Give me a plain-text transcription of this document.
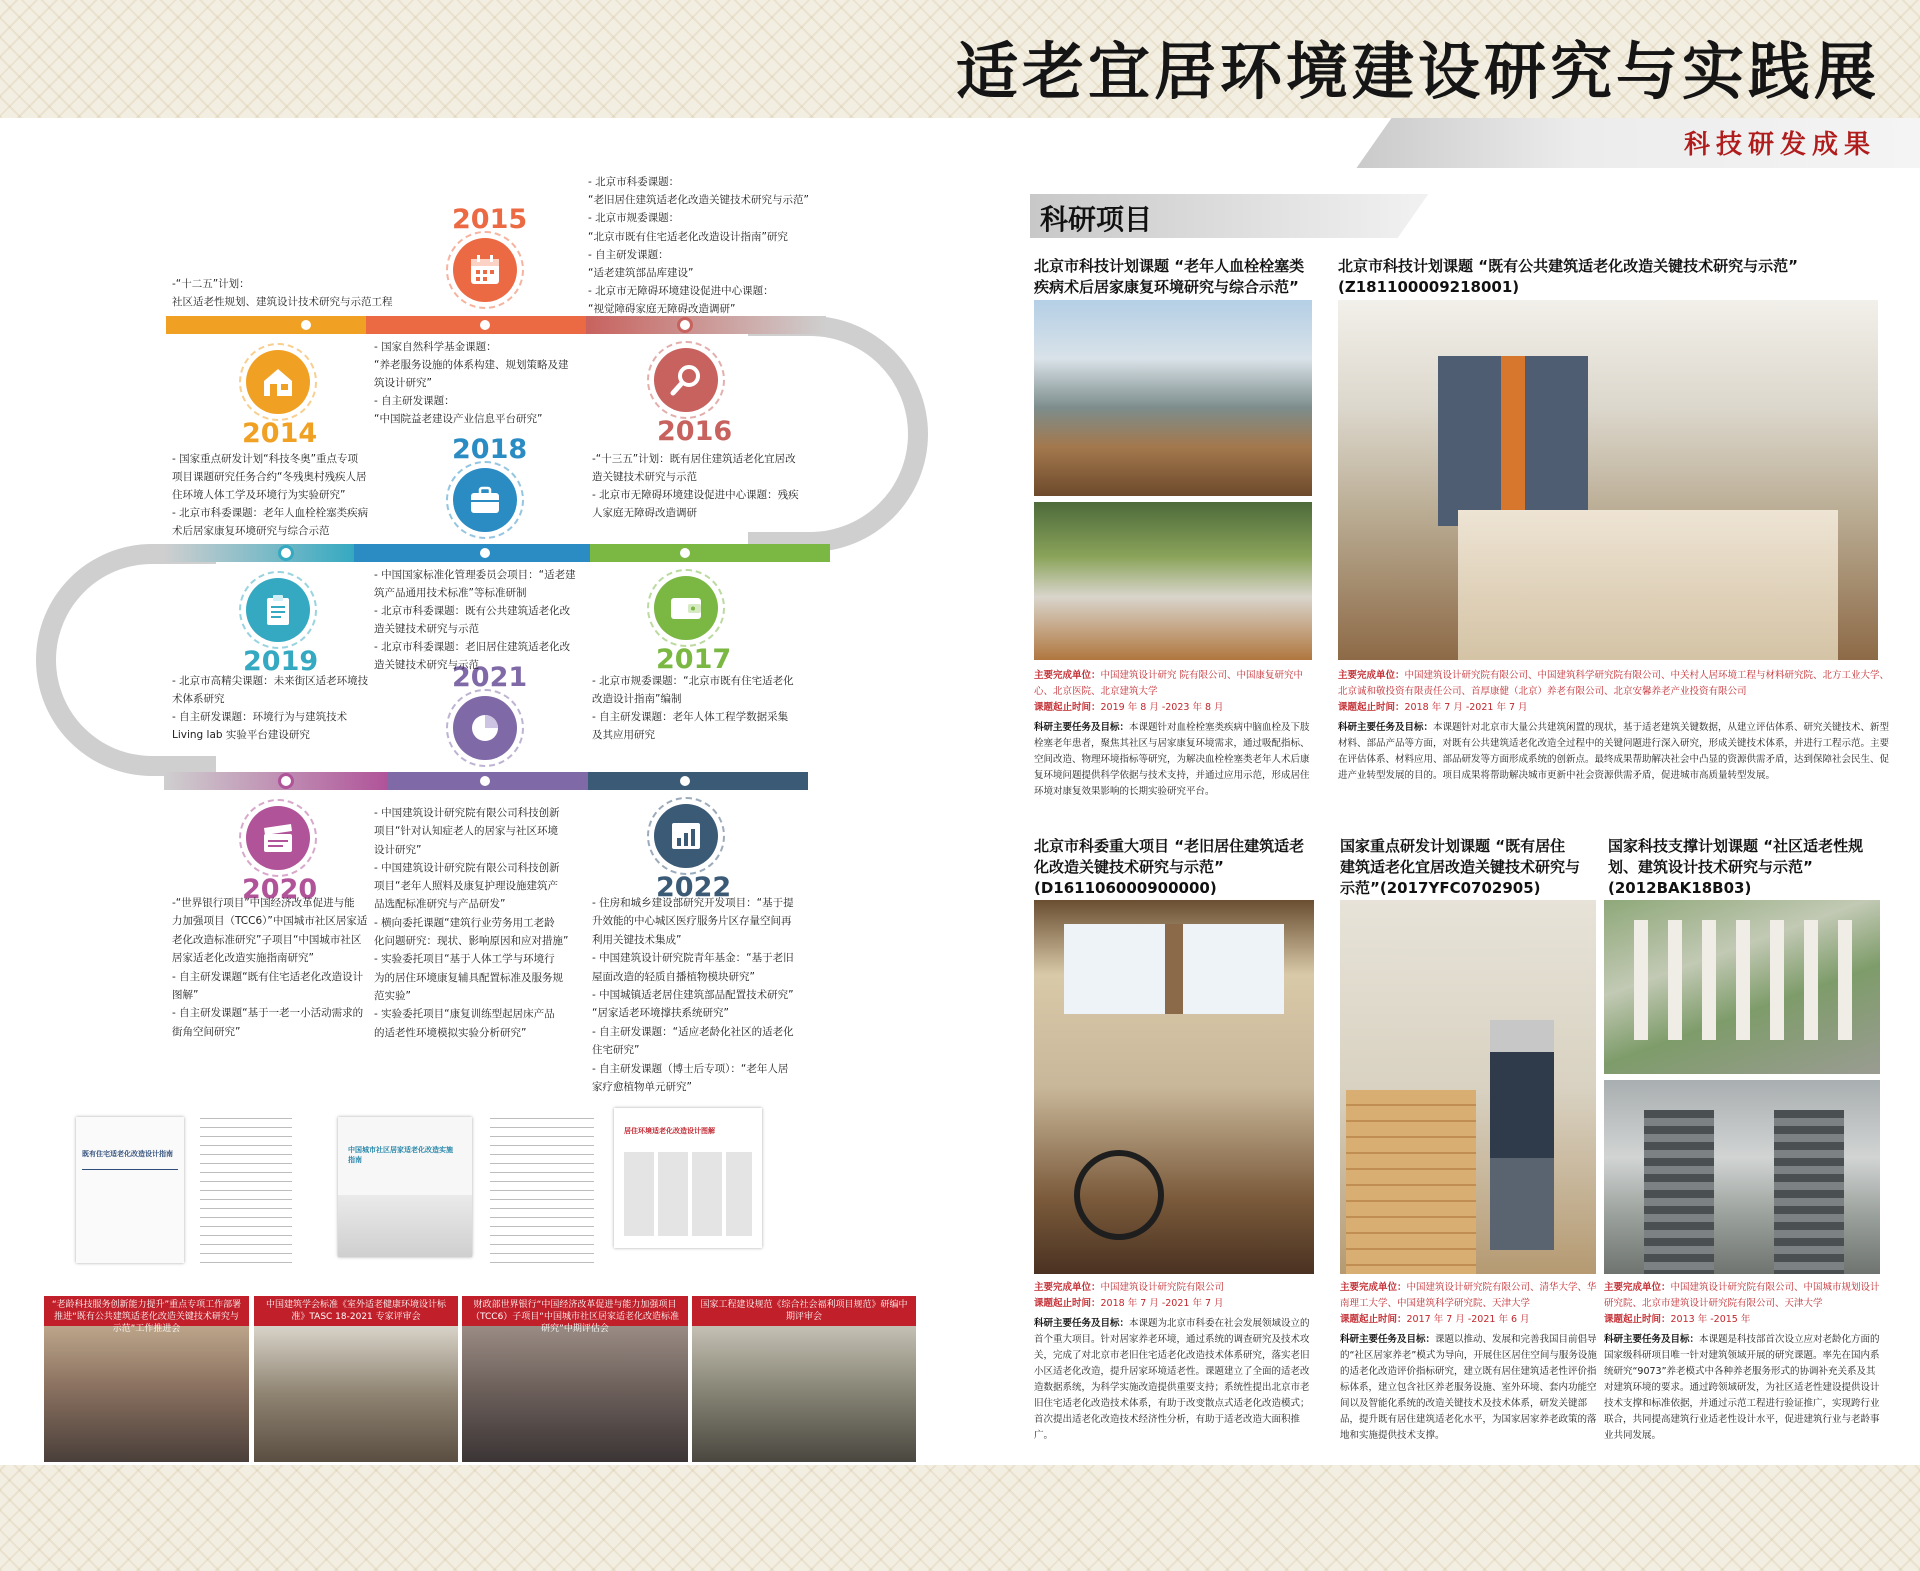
适老宜居环境建设研究与实践展
科技研发成果
2015
2014	2016
2018
2019	2017
2021
2020	2022
-“十二五”计划：
社区适老性规划、建筑设计技术研究与示范工程
- 北京市科委课题：
“老旧居住建筑适老化改造关键技术研究与示范”
- 北京市规委课题：
“北京市既有住宅适老化改造设计指南”研究
- 自主研发课题：
“适老建筑部品库建设”
- 北京市无障碍环境建设促进中心课题：
“视觉障碍家庭无障碍改造调研”
- 国家自然科学基金课题：
“养老服务设施的体系构建、规划策略及建
筑设计研究”
- 自主研发课题：
“中国院益老建设产业信息平台研究”
- 国家重点研发计划“科技冬奥”重点专项
项目课题研究任务合约“冬残奥村残疾人居
住环境人体工学及环境行为实验研究”
- 北京市科委课题：老年人血栓栓塞类疾病
术后居家康复环境研究与综合示范
-“十三五”计划：既有居住建筑适老化宜居改
造关键技术研究与示范
- 北京市无障碍环境建设促进中心课题：残疾
人家庭无障碍改造调研
- 中国国家标准化管理委员会项目：“适老建
筑产品通用技术标准”等标准研制
- 北京市科委课题：既有公共建筑适老化改
造关键技术研究与示范
- 北京市科委课题：老旧居住建筑适老化改
造关键技术研究与示范
- 北京市高精尖课题：未来街区适老环境技
术体系研究
- 自主研发课题：环境行为与建筑技术
Living lab 实验平台建设研究
- 北京市规委课题：“北京市既有住宅适老化
改造设计指南”编制
- 自主研发课题：老年人体工程学数据采集
及其应用研究
- 中国建筑设计研究院有限公司科技创新
项目“针对认知症老人的居家与社区环境
设计研究”
- 中国建筑设计研究院有限公司科技创新
项目“老年人照料及康复护理设施建筑产
品选配标准研究与产品研发”
- 横向委托课题“建筑行业劳务用工老龄
化问题研究：现状、影响原因和应对措施”
- 实验委托项目“基于人体工学与环境行
为的居住环境康复辅具配置标准及服务规
范实验”
- 实验委托项目“康复训练型起居床产品
的适老性环境模拟实验分析研究”
-“世界银行项目”中国经济改革促进与能
力加强项目（TCC6）”中国城市社区居家适
老化改造标准研究”子项目“中国城市社区
居家适老化改造实施指南研究”
- 自主研发课题“既有住宅适老化改造设计
图解”
- 自主研发课题“基于一老一小活动需求的
街角空间研究”
- 住房和城乡建设部研究开发项目：“基于提
升效能的中心城区医疗服务片区存量空间再
利用关键技术集成”
- 中国建筑设计研究院青年基金：“基于老旧
屋面改造的轻质自播植物模块研究”
- 中国城镇适老居住建筑部品配置技术研究”
“居家适老环境撑扶系统研究”
- 自主研发课题：“适应老龄化社区的适老化
住宅研究”
- 自主研发课题（博士后专项）：“老年人居
家疗愈植物单元研究”
既有住宅适老化改造设计指南	中国城市社区居家适老化改造实施指南
居住环境适老化改造设计图解
“老龄科技服务创新能力提升”重点专项工作部署推进“既有公共建筑适老化改造关键技术研究与示范”工作推进会
中国建筑学会标准《室外适老健康环境设计标准》TASC 18-2021 专家评审会
财政部世界银行“中国经济改革促进与能力加强项目（TCC6）子项目“中国城市社区居家适老化改造标准研究”中期评估会
国家工程建设规范《综合社会福利项目规范》研编中期评审会
科研项目
北京市科技计划课题 “老年人血栓栓塞类
疾病术后居家康复环境研究与综合示范”
主要完成单位：中国建筑设计研究 院有限公司、中国康复研究中心、北京医院、北京建筑大学
课题起止时间：2019 年 8 月 -2023 年 8 月
科研主要任务及目标：本课题针对血栓栓塞类疾病中脑血栓及下肢栓塞老年患者，聚焦其社区与居家康复环境需求，通过吸配指标、空间改造、物理环境指标等研究，为解决血栓栓塞类老年人术后康复环境问题提供科学依据与技术支持，并通过应用示范，形成居住环境对康复效果影响的长期实验研究平台。
北京市科技计划课题 “既有公共建筑适老化改造关键技术研究与示范”
(Z181100009218001)
主要完成单位：中国建筑设计研究院有限公司、中国建筑科学研究院有限公司、中关村人居环境工程与材料研究院、北方工业大学、北京诚和敬投资有限责任公司、首厚康健（北京）养老有限公司、北京安馨养老产业投资有限公司
课题起止时间：2018 年 7 月 -2021 年 7 月
科研主要任务及目标：本课题针对北京市大量公共建筑闲置的现状，基于适老建筑关键数据，从建立评估体系、研究关键技术、新型材料、部品产品等方面，对既有公共建筑适老化改造全过程中的关键问题进行深入研究，形成关键技术体系，并进行工程示范。主要在评估体系、材料应用、部品研发等方面形成系统的创新点。最终成果帮助解决社会中凸显的资源供需矛盾，达到保障社会民生、促进产业转型发展的目的。项目成果将帮助解决城市更新中社会资源供需矛盾，促进城市高质量转型发展。
北京市科委重大项目 “老旧居住建筑适老
化改造关键技术研究与示范”
(D161106000900000)
主要完成单位：中国建筑设计研究院有限公司
课题起止时间：2018 年 7 月 -2021 年 7 月
科研主要任务及目标：本课题为北京市科委在社会发展领域设立的首个重大项目。针对居家养老环境，通过系统的调查研究及技术攻关，完成了对北京市老旧住宅适老化改造技术体系研究，落实老旧小区适老化改造，提升居家环境适老性。课题建立了全面的适老改造数据系统，为科学实施改造提供重要支持；系统性提出北京市老旧住宅适老化改造技术体系，有助于改变散点式适老化改造模式；首次提出适老化改造技术经济性分析，有助于适老改造大面积推广。
国家重点研发计划课题 “既有居住
建筑适老化宜居改造关键技术研究与
示范”(2017YFC0702905)
主要完成单位：中国建筑设计研究院有限公司、清华大学、华南理工大学、中国建筑科学研究院、天津大学
课题起止时间：2017 年 7 月 -2021 年 6 月
科研主要任务及目标：课题以推动、发展和完善我国目前倡导的“社区居家养老”模式为导向，开展住区居住空间与服务设施的适老化改造评价指标研究，建立既有居住建筑适老性评价指标体系，建立包含社区养老服务设施、室外环境、套内功能空间以及智能化系统的改造关键技术及技术体系，研发关键部品，提升既有居住建筑适老化水平，为国家居家养老政策的落地和实施提供技术支撑。
国家科技支撑计划课题 “社区适老性规
划、建筑设计技术研究与示范”
(2012BAK18B03)
主要完成单位：中国建筑设计研究院有限公司、中国城市规划设计研究院、北京市建筑设计研究院有限公司、天津大学
课题起止时间：2013 年 -2015 年
科研主要任务及目标：本课题是科技部首次设立应对老龄化方面的国家级科研项目唯一针对建筑领域开展的研究课题。率先在国内系统研究“9073”养老模式中各种养老服务形式的协调补充关系及其对建筑环境的要求。通过跨领域研发，为社区适老性建设提供设计技术支撑和标准依据，并通过示范工程进行验证推广，实现跨行业联合，共同提高建筑行业适老性设计水平，促进建筑行业与老龄事业共同发展。
